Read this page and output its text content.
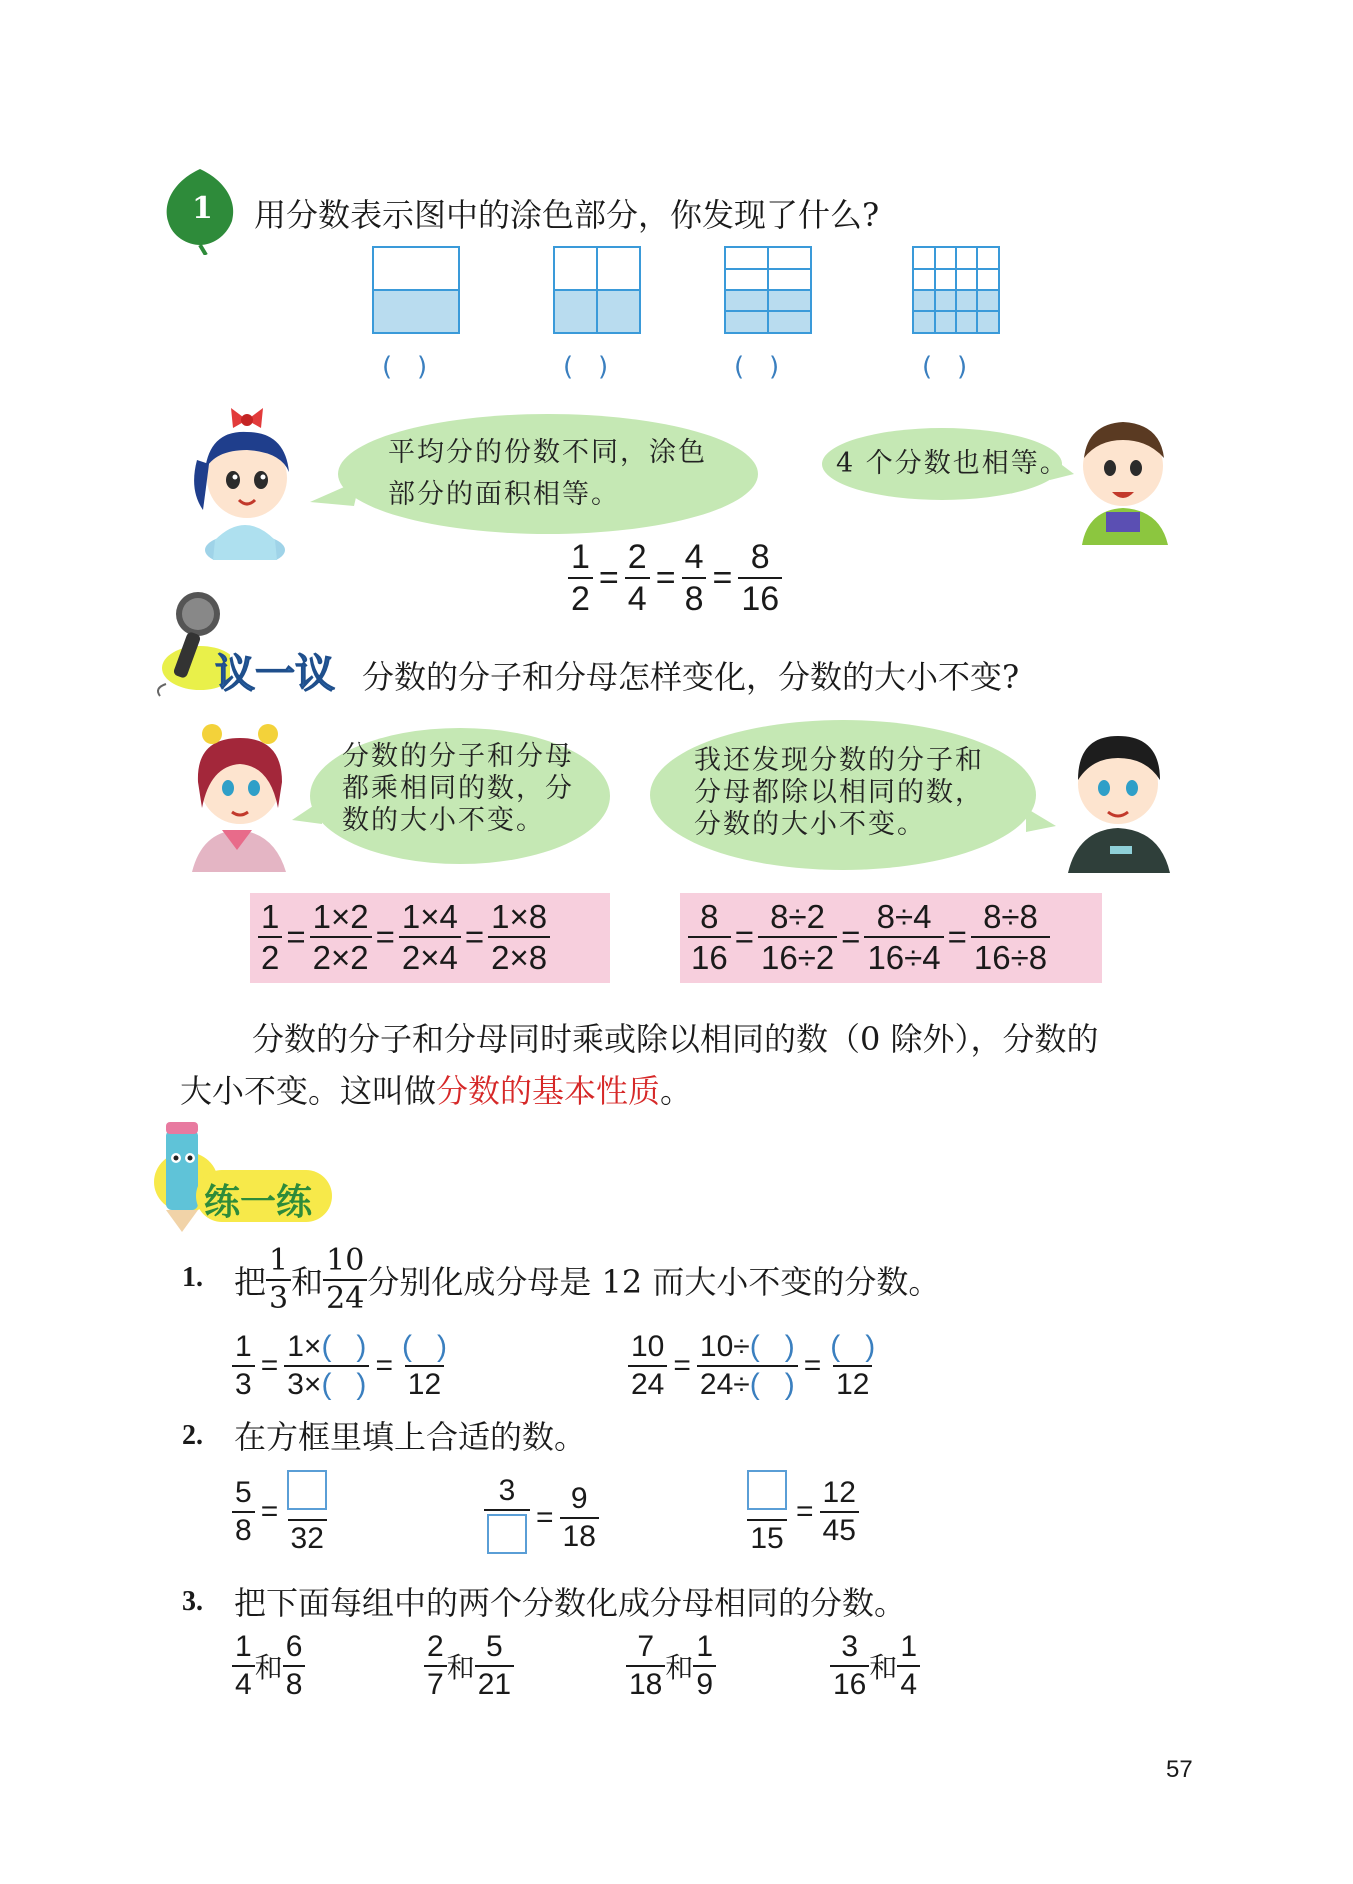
1 用分数表示图中的涂色部分，你发现了什么?
(   )	(   )	(   )	(   )
平均分的份数不同，涂色
部分的面积相等。
4 个分数也相等。
$\frac{1}{2} = \frac{2}{4} = \frac{4}{8} = \frac{8}{16}$
议一议 分数的分子和分母怎样变化，分数的大小不变?
分数的分子和分母
都乘相同的数，分
数的大小不变。
我还发现分数的分子和
分母都除以相同的数，
分数的大小不变。
$\frac{1}{2} = \frac{1\times 2}{2\times 2} = \frac{1\times 4}{2\times 4} = \frac{1\times 8}{2\times 8}$	$\frac{8}{16} = \frac{8\div 2}{16\div 2} = \frac{8\div 4}{16\div 4} = \frac{8\div 8}{16\div 8}$
分数的分子和分母同时乘或除以相同的数（0 除外），分数的
大小不变。这叫做分数的基本性质。
练一练
1. 把 $\frac{1}{3}$ 和 $\frac{10}{24}$ 分别化成分母是 12 而大小不变的分数。
$\frac{1}{3} = \frac{1\times( )}{3\times( )} = \frac{( )}{12}$	$\frac{10}{24} = \frac{10\div( )}{24\div( )} = \frac{( )}{12}$
2. 在方框里填上合适的数。
$\frac{5}{8}$ =
32
3
= $\frac{9}{18}$	15
= $\frac{12}{45}$
3. 把下面每组中的两个分数化成分母相同的分数。
$\frac{1}{4}$ 和 $\frac{6}{8}$	$\frac{2}{7}$ 和 $\frac{5}{21}$	$\frac{7}{18}$ 和 $\frac{1}{9}$	$\frac{3}{16}$ 和 $\frac{1}{4}$
57
